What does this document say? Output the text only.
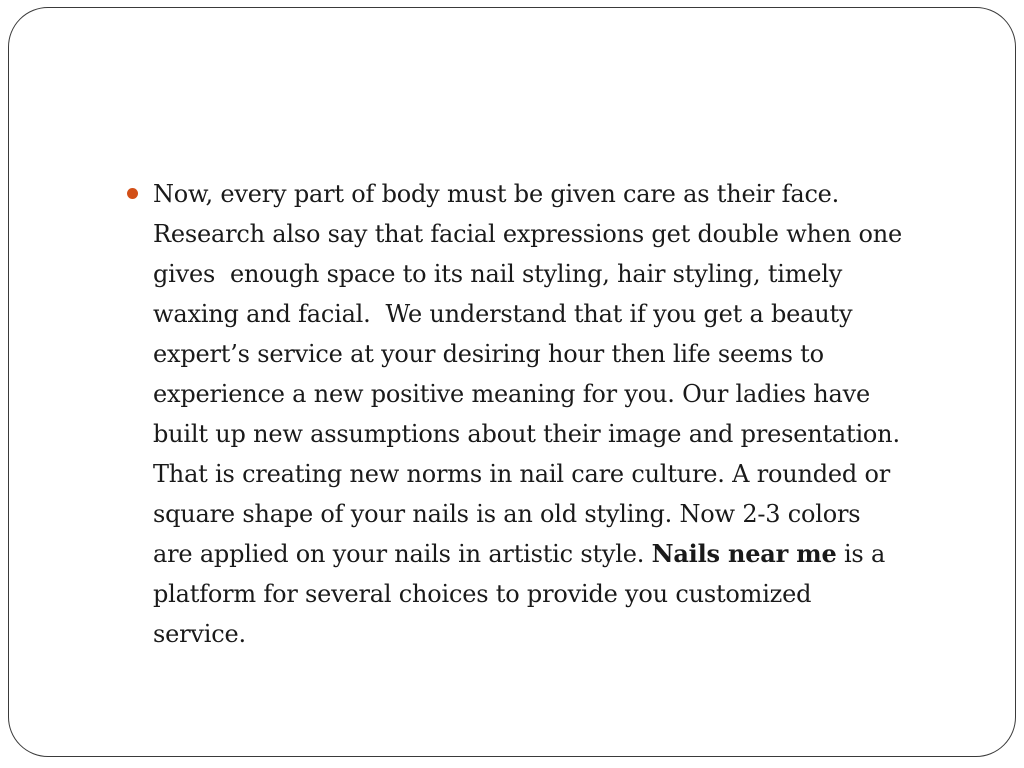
Now, every part of body must be given care as their face.
Research also say that facial expressions get double when one
gives  enough space to its nail styling, hair styling, timely
waxing and facial.  We understand that if you get a beauty
expert’s service at your desiring hour then life seems to
experience a new positive meaning for you. Our ladies have
built up new assumptions about their image and presentation.
That is creating new norms in nail care culture. A rounded or
square shape of your nails is an old styling. Now 2-3 colors
are applied on your nails in artistic style. Nails near me is a
platform for several choices to provide you customized
service.
